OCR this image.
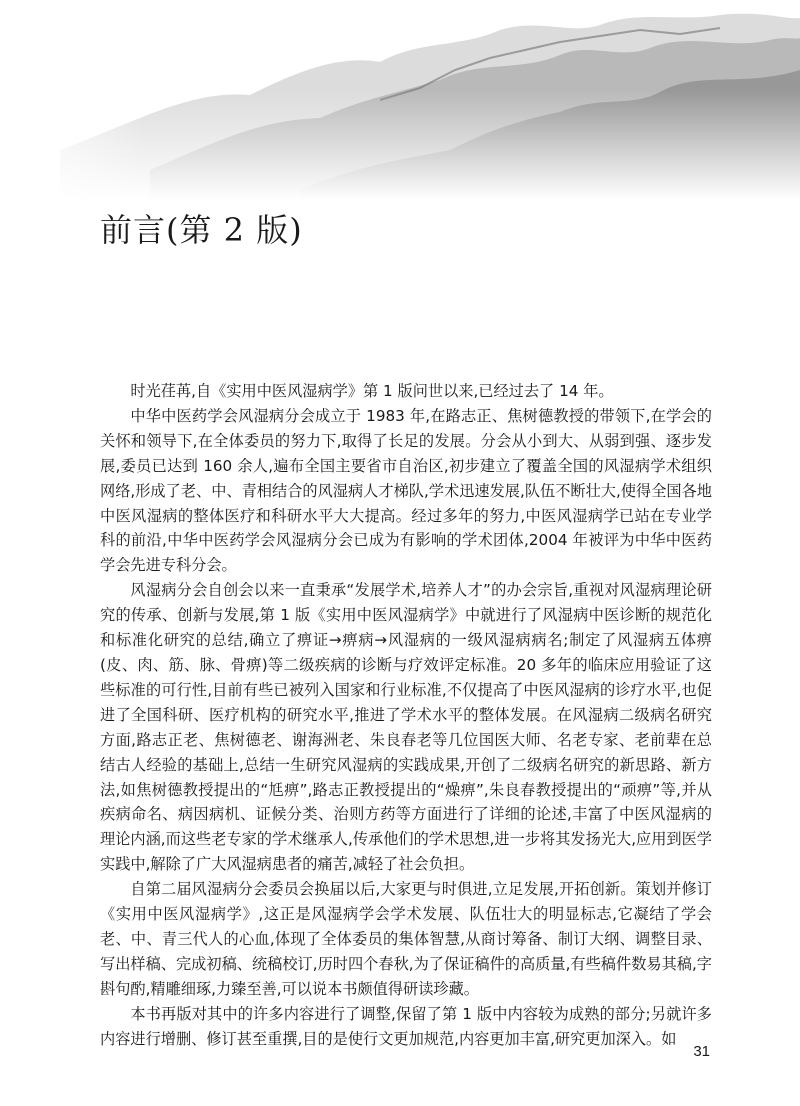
前言(第 2 版)

时光荏苒,自《实用中医风湿病学》第 1 版问世以来,已经过去了 14 年。

中华中医药学会风湿病分会成立于 1983 年,在路志正、焦树德教授的带领下,在学会的关怀和领导下,在全体委员的努力下,取得了长足的发展。分会从小到大、从弱到强、逐步发展,委员已达到 160 余人,遍布全国主要省市自治区,初步建立了覆盖全国的风湿病学术组织网络,形成了老、中、青相结合的风湿病人才梯队,学术迅速发展,队伍不断壮大,使得全国各地中医风湿病的整体医疗和科研水平大大提高。经过多年的努力,中医风湿病学已站在专业学科的前沿,中华中医药学会风湿病分会已成为有影响的学术团体,2004 年被评为中华中医药学会先进专科分会。

风湿病分会自创会以来一直秉承“发展学术,培养人才”的办会宗旨,重视对风湿病理论研究的传承、创新与发展,第 1 版《实用中医风湿病学》中就进行了风湿病中医诊断的规范化和标准化研究的总结,确立了痹证→痹病→风湿病的一级风湿病病名;制定了风湿病五体痹(皮、肉、筋、脉、骨痹)等二级疾病的诊断与疗效评定标准。20 多年的临床应用验证了这些标准的可行性,目前有些已被列入国家和行业标准,不仅提高了中医风湿病的诊疗水平,也促进了全国科研、医疗机构的研究水平,推进了学术水平的整体发展。在风湿病二级病名研究方面,路志正老、焦树德老、谢海洲老、朱良春老等几位国医大师、名老专家、老前辈在总结古人经验的基础上,总结一生研究风湿病的实践成果,开创了二级病名研究的新思路、新方法,如焦树德教授提出的“尪痹”,路志正教授提出的“燥痹”,朱良春教授提出的“顽痹”等,并从疾病命名、病因病机、证候分类、治则方药等方面进行了详细的论述,丰富了中医风湿病的理论内涵,而这些老专家的学术继承人,传承他们的学术思想,进一步将其发扬光大,应用到医学实践中,解除了广大风湿病患者的痛苦,减轻了社会负担。

自第二届风湿病分会委员会换届以后,大家更与时俱进,立足发展,开拓创新。策划并修订《实用中医风湿病学》,这正是风湿病学会学术发展、队伍壮大的明显标志,它凝结了学会老、中、青三代人的心血,体现了全体委员的集体智慧,从商讨筹备、制订大纲、调整目录、写出样稿、完成初稿、统稿校订,历时四个春秋,为了保证稿件的高质量,有些稿件数易其稿,字斟句酌,精雕细琢,力臻至善,可以说本书颇值得研读珍藏。

本书再版对其中的许多内容进行了调整,保留了第 1 版中内容较为成熟的部分;另就许多内容进行增删、修订甚至重撰,目的是使行文更加规范,内容更加丰富,研究更加深入。如

31
